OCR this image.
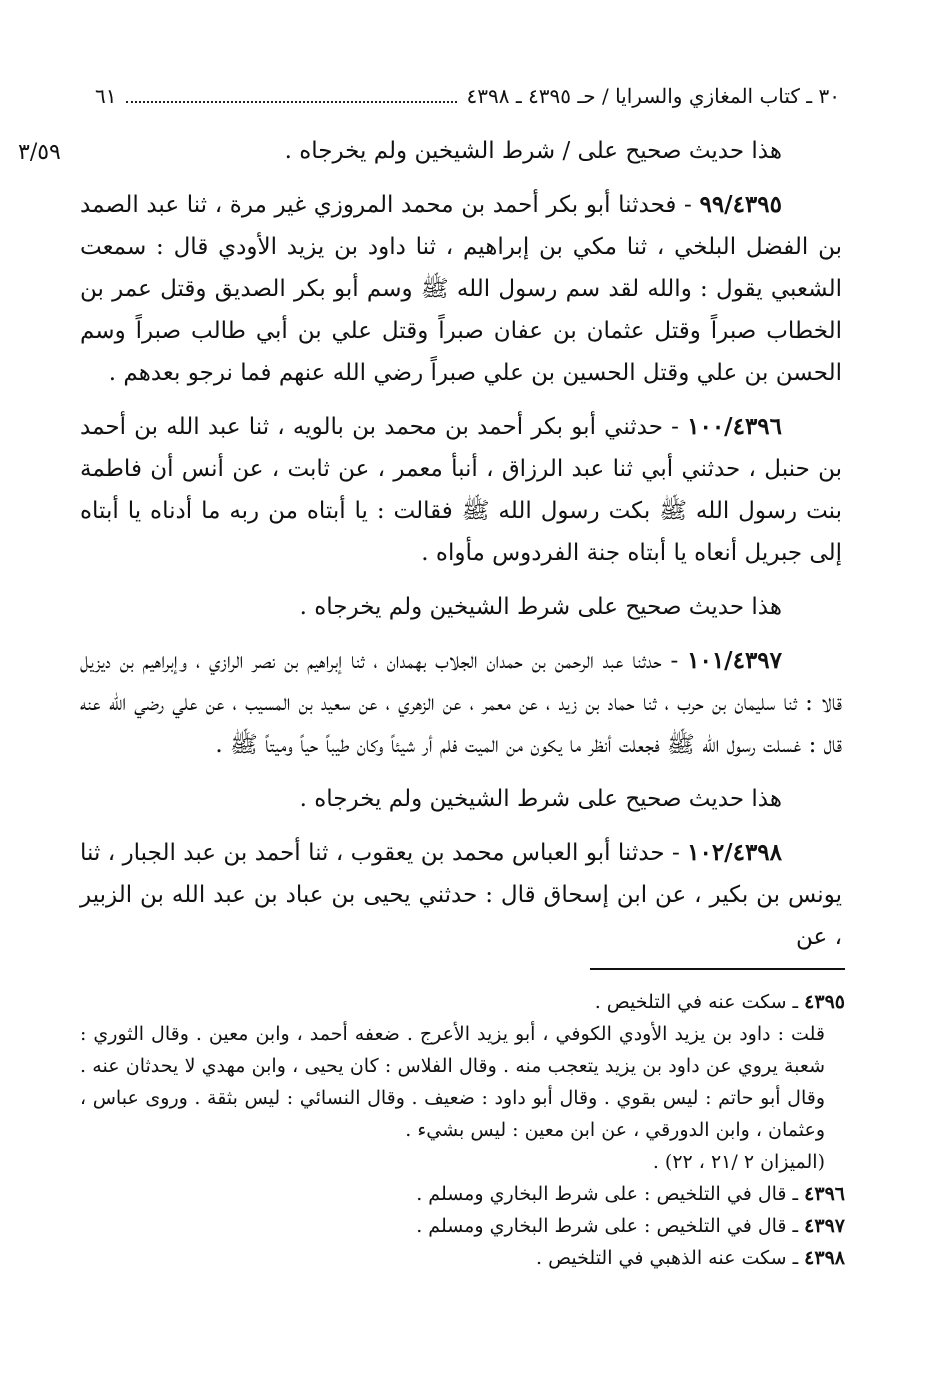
٣٠ ـ كتاب المغازي والسرايا / حـ ٤٣٩٥ ـ ٤٣٩٨
٦١
٣/٥٩	هذا حديث صحيح على / شرط الشيخين ولم يخرجاه .

٩٩/٤٣٩٥ - فحدثنا أبو بكر أحمد بن محمد المروزي غير مرة ، ثنا عبد الصمد بن الفضل البلخي ، ثنا مكي بن إبراهيم ، ثنا داود بن يزيد الأودي قال : سمعت الشعبي يقول : والله لقد سم رسول الله ﷺ وسم أبو بكر الصديق وقتل عمر بن الخطاب صبراً وقتل عثمان بن عفان صبراً وقتل علي بن أبي طالب صبراً وسم الحسن بن علي وقتل الحسين بن علي صبراً رضي الله عنهم فما نرجو بعدهم .

١٠٠/٤٣٩٦ - حدثني أبو بكر أحمد بن محمد بن بالويه ، ثنا عبد الله بن أحمد بن حنبل ، حدثني أبي ثنا عبد الرزاق ، أنبأ معمر ، عن ثابت ، عن أنس أن فاطمة بنت رسول الله ﷺ بكت رسول الله ﷺ فقالت : يا أبتاه من ربه ما أدناه يا أبتاه إلى جبريل أنعاه يا أبتاه جنة الفردوس مأواه .

هذا حديث صحيح على شرط الشيخين ولم يخرجاه .

١٠١/٤٣٩٧ - حدثنا عبد الرحمن بن حمدان الجلاب بهمدان ، ثنا إبراهيم بن نصر الرازي ، وإبراهيم بن ديزيل قالا : ثنا سليمان بن حرب ، ثنا حماد بن زيد ، عن معمر ، عن الزهري ، عن سعيد بن المسيب ، عن علي رضي الله عنه قال : غسلت رسول الله ﷺ فجعلت أنظر ما يكون من الميت فلم أر شيئاً وكان طيباً حياً وميتاً ﷺ .

هذا حديث صحيح على شرط الشيخين ولم يخرجاه .

١٠٢/٤٣٩٨ - حدثنا أبو العباس محمد بن يعقوب ، ثنا أحمد بن عبد الجبار ، ثنا يونس بن بكير ، عن ابن إسحاق قال : حدثني يحيى بن عباد بن عبد الله بن الزبير ، عن

٤٣٩٥ ـ سكت عنه في التلخيص .

قلت : داود بن يزيد الأودي الكوفي ، أبو يزيد الأعرج . ضعفه أحمد ، وابن معين . وقال الثوري : شعبة يروي عن داود بن يزيد يتعجب منه . وقال الفلاس : كان يحيى ، وابن مهدي لا يحدثان عنه . وقال أبو حاتم : ليس بقوي . وقال أبو داود : ضعيف . وقال النسائي : ليس بثقة . وروى عباس ، وعثمان ، وابن الدورقي ، عن ابن معين : ليس بشيء .

(الميزان ٢ /٢١ ، ٢٢) .

٤٣٩٦ ـ قال في التلخيص : على شرط البخاري ومسلم .

٤٣٩٧ ـ قال في التلخيص : على شرط البخاري ومسلم .

٤٣٩٨ ـ سكت عنه الذهبي في التلخيص .
